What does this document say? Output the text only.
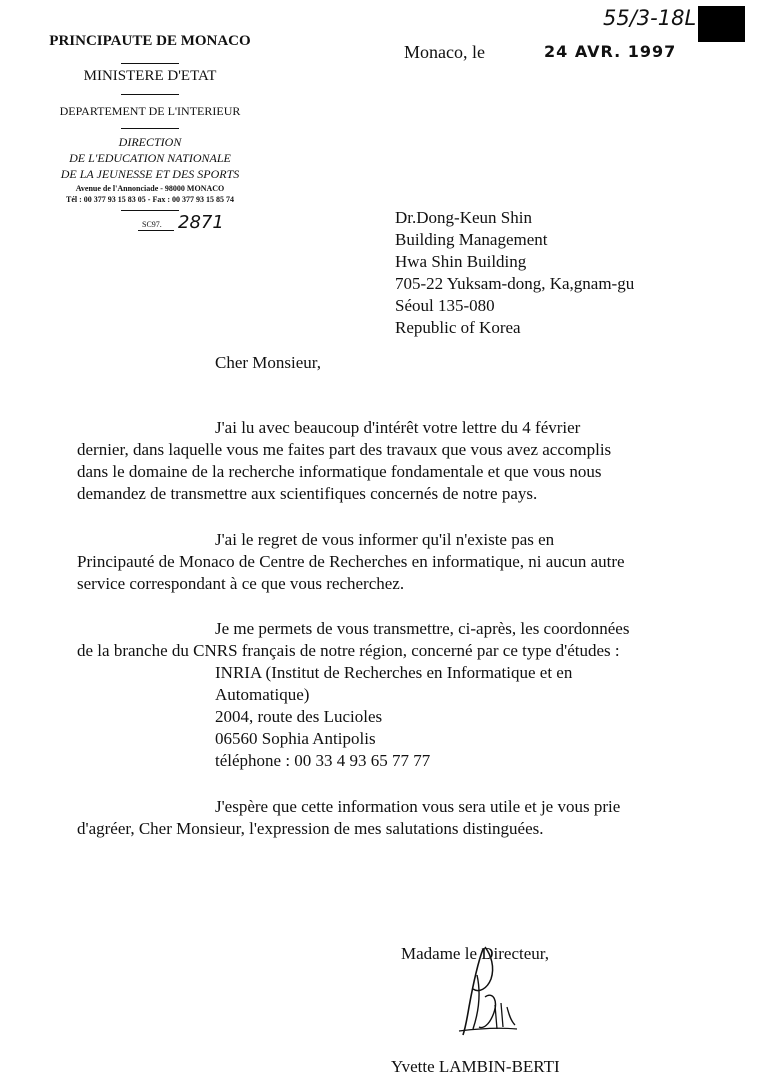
PRINCIPAUTE DE MONACO
MINISTERE D'ETAT
DEPARTEMENT DE L'INTERIEUR
DIRECTION
DE L'EDUCATION NATIONALE
DE LA JEUNESSE ET DES SPORTS
Avenue de l'Annonciade - 98000 MONACO
Tél : 00 377 93 15 83 05 - Fax : 00 377 93 15 85 74
SC97. 2871
55/3-18L
Monaco, le	24 AVR. 1997
Dr.Dong-Keun Shin
Building Management
Hwa Shin Building
705-22 Yuksam-dong, Ka,gnam-gu
Séoul 135-080
Republic of Korea
Cher Monsieur,
J'ai lu avec beaucoup d'intérêt votre lettre du 4 février
dernier, dans laquelle vous me faites part des travaux que vous avez accomplis
dans le domaine de la recherche informatique fondamentale et que vous nous
demandez de transmettre aux scientifiques concernés de notre pays.
J'ai le regret de vous informer qu'il n'existe pas en
Principauté de Monaco de Centre de Recherches en informatique, ni aucun autre
service correspondant à ce que vous recherchez.
Je me permets de vous transmettre, ci-après, les coordonnées
de la branche du CNRS français de notre région, concerné par ce type d'études :
INRIA (Institut de Recherches en Informatique et en
Automatique)
2004, route des Lucioles
06560 Sophia Antipolis
téléphone : 00 33 4 93 65 77 77
J'espère que cette information vous sera utile et je vous prie
d'agréer, Cher Monsieur, l'expression de mes salutations distinguées.
Madame le Directeur,
Yvette LAMBIN-BERTI
